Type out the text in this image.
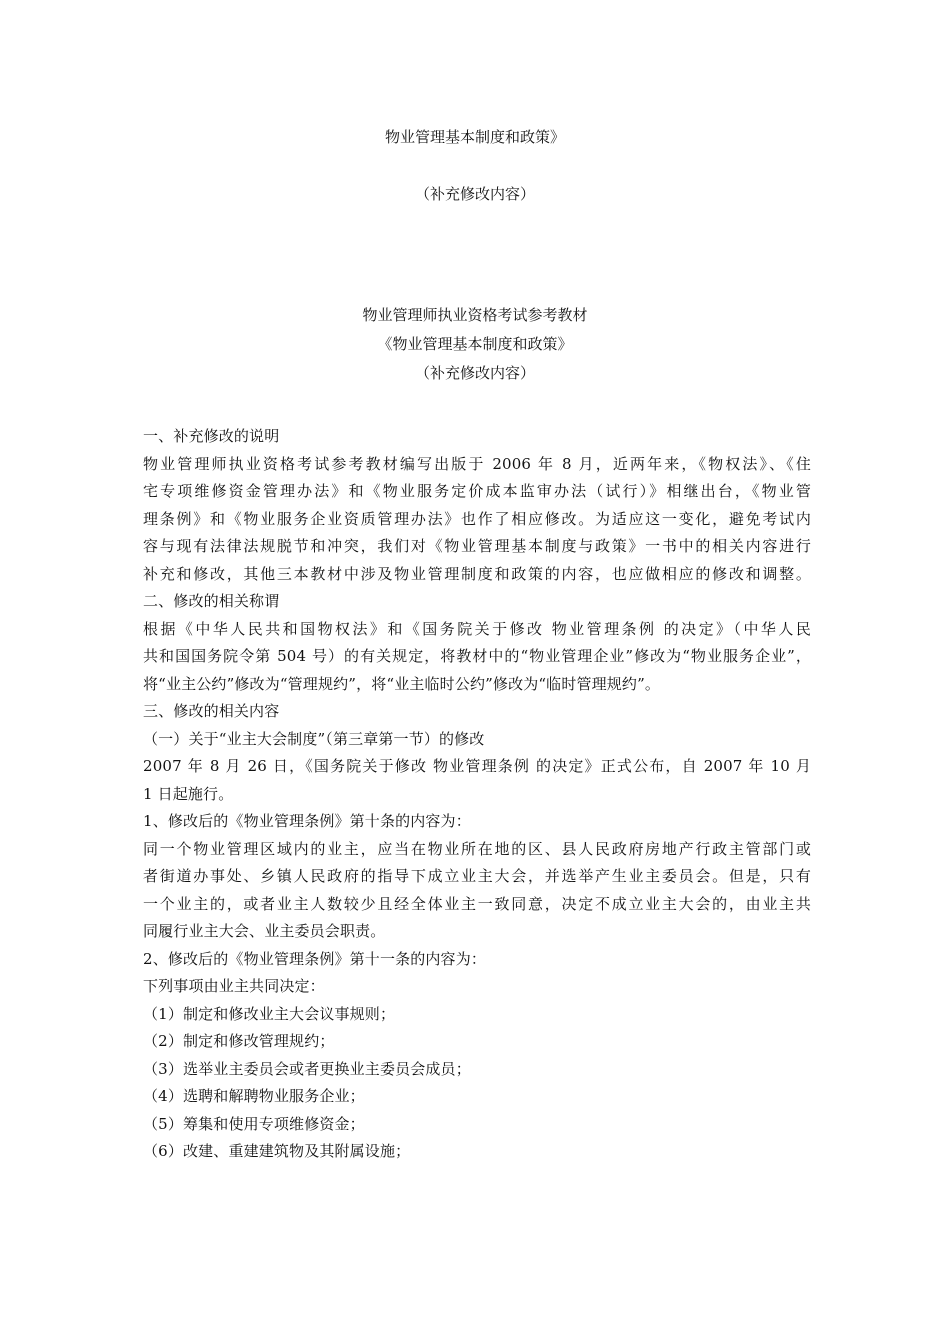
物业管理基本制度和政策》
（补充修改内容）
物业管理师执业资格考试参考教材
《物业管理基本制度和政策》
（补充修改内容）
一、补充修改的说明
物业管理师执业资格考试参考教材编写出版于 2006 年 8 月，近两年来，《物权法》、《住
宅专项维修资金管理办法》和《物业服务定价成本监审办法（试行）》相继出台，《物业管
理条例》和《物业服务企业资质管理办法》也作了相应修改。为适应这一变化，避免考试内
容与现有法律法规脱节和冲突，我们对《物业管理基本制度与政策》一书中的相关内容进行
补充和修改，其他三本教材中涉及物业管理制度和政策的内容，也应做相应的修改和调整。
二、修改的相关称谓
根据《中华人民共和国物权法》和《国务院关于修改 物业管理条例 的决定》（中华人民
共和国国务院令第 504 号）的有关规定，将教材中的“物业管理企业”修改为“物业服务企业”，
将“业主公约”修改为“管理规约”，将“业主临时公约”修改为“临时管理规约”。
三、修改的相关内容
（一）关于“业主大会制度”（第三章第一节）的修改
2007 年 8 月 26 日，《国务院关于修改 物业管理条例 的决定》正式公布，自 2007 年 10 月
1 日起施行。
1、修改后的《物业管理条例》第十条的内容为：
同一个物业管理区域内的业主，应当在物业所在地的区、县人民政府房地产行政主管部门或
者街道办事处、乡镇人民政府的指导下成立业主大会，并选举产生业主委员会。但是，只有
一个业主的，或者业主人数较少且经全体业主一致同意，决定不成立业主大会的，由业主共
同履行业主大会、业主委员会职责。
2、修改后的《物业管理条例》第十一条的内容为：
下列事项由业主共同决定：
（1）制定和修改业主大会议事规则；
（2）制定和修改管理规约；
（3）选举业主委员会或者更换业主委员会成员；
（4）选聘和解聘物业服务企业；
（5）筹集和使用专项维修资金；
（6）改建、重建建筑物及其附属设施；
